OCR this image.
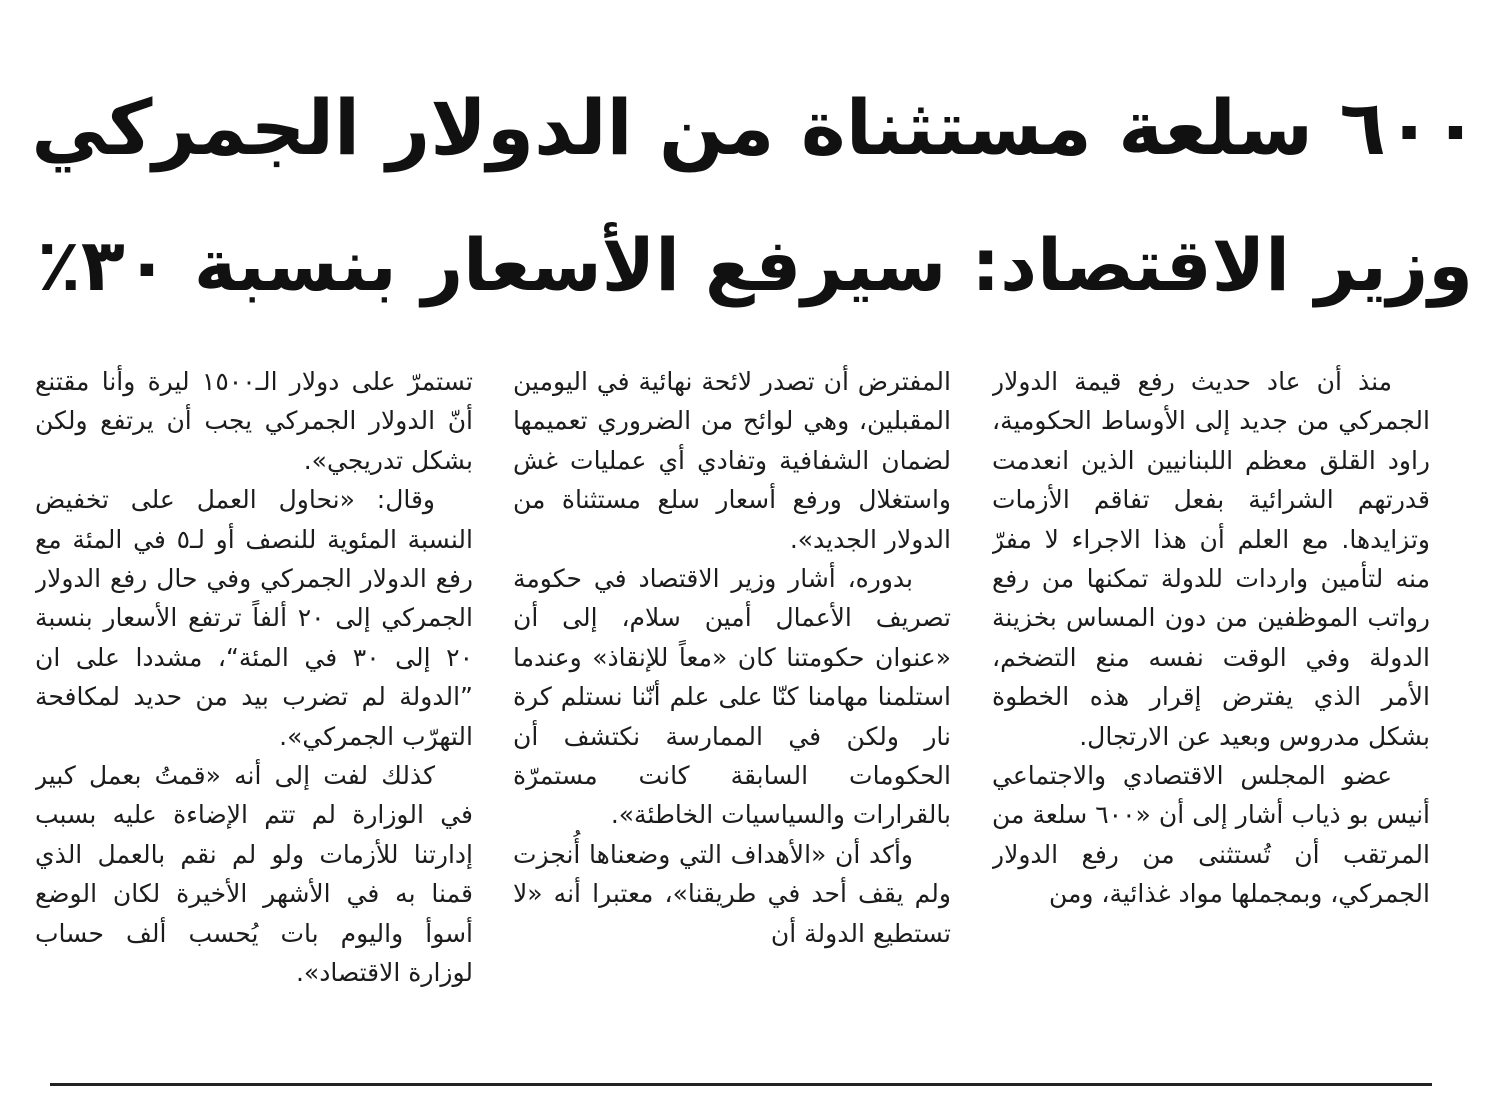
٦٠٠ سلعة مستثناة من الدولار الجمركي
وزير الاقتصاد: سيرفع الأسعار بنسبة ٣٠٪

منذ أن عاد حديث رفع قيمة الدولار الجمركي من جديد إلى الأوساط الحكومية، راود القلق معظم اللبنانيين الذين انعدمت قدرتهم الشرائية بفعل تفاقم الأزمات وتزايدها. مع العلم أن هذا الاجراء لا مفرّ منه لتأمين واردات للدولة تمكنها من رفع رواتب الموظفين من دون المساس بخزينة الدولة وفي الوقت نفسه منع التضخم، الأمر الذي يفترض إقرار هذه الخطوة بشكل مدروس وبعيد عن الارتجال.

عضو المجلس الاقتصادي والاجتماعي أنيس بو ذياب أشار إلى أن «٦٠٠ سلعة من المرتقب أن تُستثنى من رفع الدولار الجمركي، وبمجملها مواد غذائية، ومن

المفترض أن تصدر لائحة نهائية في اليومين المقبلين، وهي لوائح من الضروري تعميمها لضمان الشفافية وتفادي أي عمليات غش واستغلال ورفع أسعار سلع مستثناة من الدولار الجديد».

بدوره، أشار وزير الاقتصاد في حكومة تصريف الأعمال أمين سلام، إلى أن «عنوان حكومتنا كان «معاً للإنقاذ» وعندما استلمنا مهامنا كنّا على علم أنّنا نستلم كرة نار ولكن في الممارسة نكتشف أن الحكومات السابقة كانت مستمرّة بالقرارات والسياسيات الخاطئة».

وأكد أن «الأهداف التي وضعناها أُنجزت ولم يقف أحد في طريقنا»، معتبرا أنه «لا تستطيع الدولة أن

تستمرّ على دولار الـ١٥٠٠ ليرة وأنا مقتنع أنّ الدولار الجمركي يجب أن يرتفع ولكن بشكل تدريجي».

وقال: «نحاول العمل على تخفيض النسبة المئوية للنصف أو لـ٥ في المئة مع رفع الدولار الجمركي وفي حال رفع الدولار الجمركي إلى ٢٠ ألفاً ترتفع الأسعار بنسبة ٢٠ إلى ٣٠ في المئة“، مشددا على ان ”الدولة لم تضرب بيد من حديد لمكافحة التهرّب الجمركي».

كذلك لفت إلى أنه «قمتُ بعمل كبير في الوزارة لم تتم الإضاءة عليه بسبب إدارتنا للأزمات ولو لم نقم بالعمل الذي قمنا به في الأشهر الأخيرة لكان الوضع أسوأ واليوم بات يُحسب ألف حساب لوزارة الاقتصاد».
